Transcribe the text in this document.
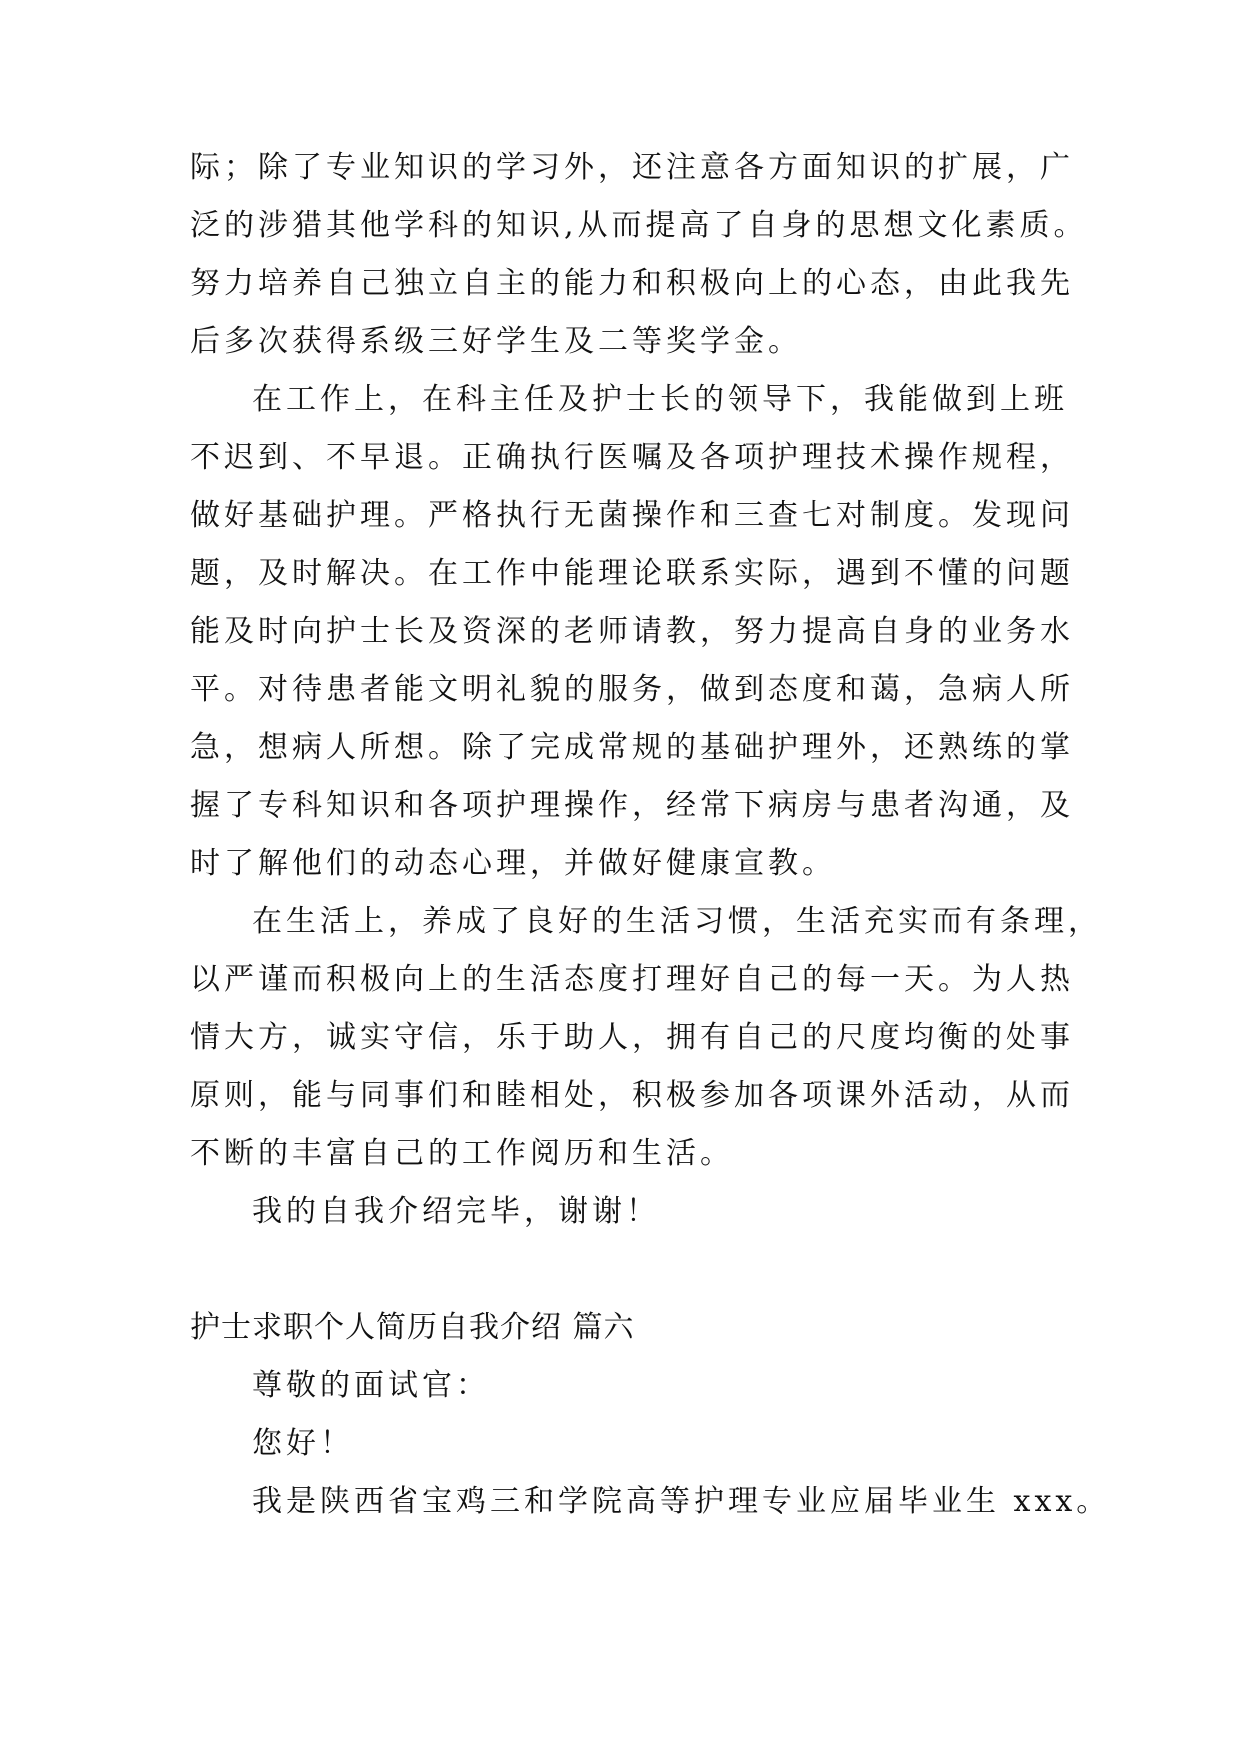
际；除了专业知识的学习外，还注意各方面知识的扩展，广
泛的涉猎其他学科的知识,从而提高了自身的思想文化素质。
努力培养自己独立自主的能力和积极向上的心态，由此我先
后多次获得系级三好学生及二等奖学金。
在工作上，在科主任及护士长的领导下，我能做到上班
不迟到、不早退。正确执行医嘱及各项护理技术操作规程，
做好基础护理。严格执行无菌操作和三查七对制度。发现问
题，及时解决。在工作中能理论联系实际，遇到不懂的问题
能及时向护士长及资深的老师请教，努力提高自身的业务水
平。对待患者能文明礼貌的服务，做到态度和蔼，急病人所
急，想病人所想。除了完成常规的基础护理外，还熟练的掌
握了专科知识和各项护理操作，经常下病房与患者沟通，及
时了解他们的动态心理，并做好健康宣教。
在生活上，养成了良好的生活习惯，生活充实而有条理，
以严谨而积极向上的生活态度打理好自己的每一天。为人热
情大方，诚实守信，乐于助人，拥有自己的尺度均衡的处事
原则，能与同事们和睦相处，积极参加各项课外活动，从而
不断的丰富自己的工作阅历和生活。
我的自我介绍完毕，谢谢！
护士求职个人简历自我介绍 篇六
尊敬的面试官：
您好！
我是陕西省宝鸡三和学院高等护理专业应届毕业生 xxx。
